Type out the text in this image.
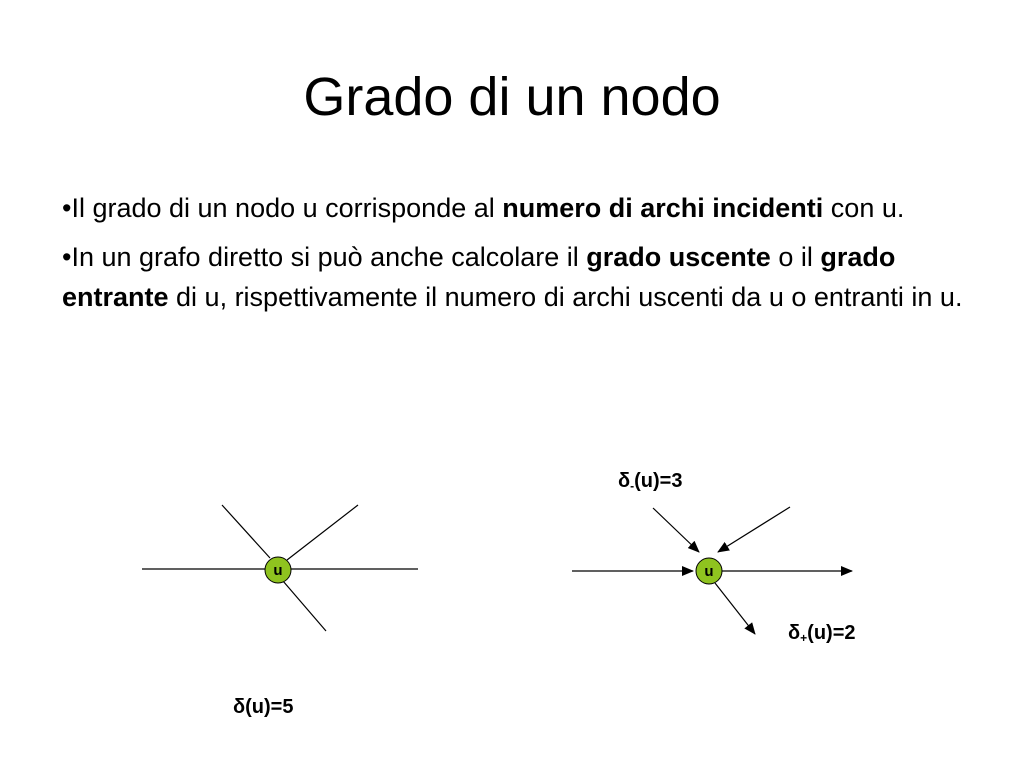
Grado di un nodo

•Il grado di un nodo u corrisponde al numero di archi incidenti con u.

•In un grafo diretto si può anche calcolare il grado uscente o il grado entrante di u, rispettivamente il numero di archi uscenti da u o entranti in u.

u
δ(u)=5
u
δ-(u)=3
δ+(u)=2
